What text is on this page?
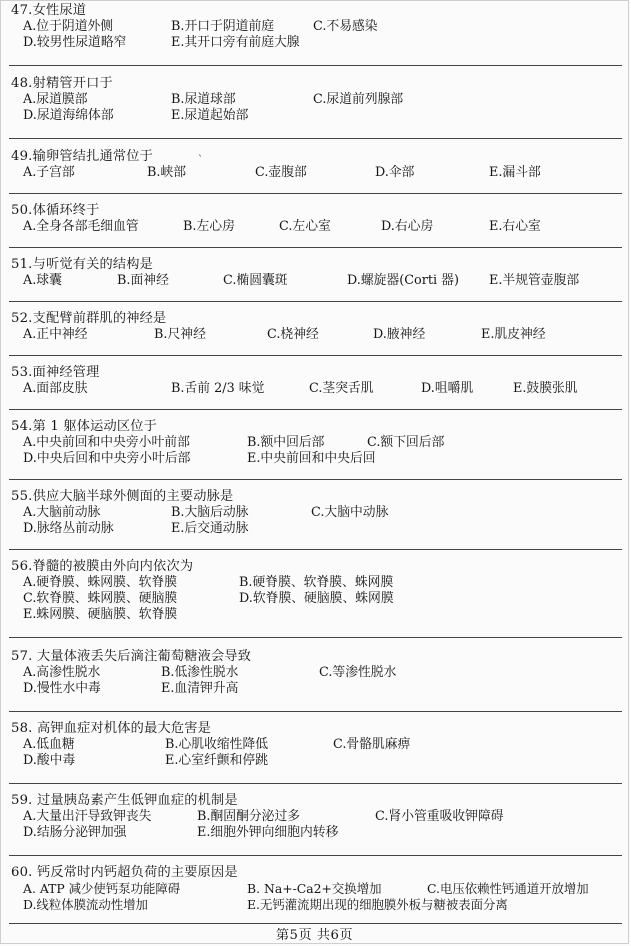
47.女性尿道
A.位于阴道外侧	B.开口于阴道前庭	C.不易感染
D.较男性尿道略窄	E.其开口旁有前庭大腺
48.射精管开口于
A.尿道膜部	B.尿道球部	C.尿道前列腺部
D.尿道海绵体部	E.尿道起始部
49.输卵管结扎通常位于
A.子宫部	B.峡部	C.壶腹部	D.伞部	E.漏斗部
`
50.体循环终于
A.全身各部毛细血管	B.左心房	C.左心室	D.右心房	E.右心室
51.与听觉有关的结构是
A.球囊	B.面神经	C.椭圆囊斑	D.螺旋器(Corti 器) E.半规管壶腹部
52.支配臂前群肌的神经是
A.正中神经	B.尺神经	C.桡神经	D.腋神经	E.肌皮神经
53.面神经管理
A.面部皮肤	B.舌前 2/3 味觉	C.茎突舌肌	D.咀嚼肌	E.鼓膜张肌
54.第 1 躯体运动区位于
A.中央前回和中央旁小叶前部	B.额中回后部	C.额下回后部
D.中央后回和中央旁小叶后部	E.中央前回和中央后回
55.供应大脑半球外侧面的主要动脉是
A.大脑前动脉	B.大脑后动脉	C.大脑中动脉
D.脉络丛前动脉	E.后交通动脉
56.脊髓的被膜由外向内依次为
A.硬脊膜、蛛网膜、软脊膜	B.硬脊膜、软脊膜、蛛网膜
C.软脊膜、蛛网膜、硬脑膜	D.软脊膜、硬脑膜、蛛网膜
E.蛛网膜、硬脑膜、软脊膜
57. 大量体液丢失后滴注葡萄糖液会导致
A.高渗性脱水	B.低渗性脱水	C.等渗性脱水
D.慢性水中毒	E.血清钾升高
58. 高钾血症对机体的最大危害是
A.低血糖	B.心肌收缩性降低	C.骨骼肌麻痹
D.酸中毒	E.心室纤颤和停跳
59. 过量胰岛素产生低钾血症的机制是
A.大量出汗导致钾丧失	B.酮固酮分泌过多	C.肾小管重吸收钾障碍
D.结肠分泌钾加强	E.细胞外钾向细胞内转移
60. 钙反常时内钙超负荷的主要原因是
A. ATP 减少使钙泵功能障碍	B. Na+-Ca2+交换增加	C.电压依赖性钙通道开放增加
D.线粒体膜流动性增加	E.无钙灌流期出现的细胞膜外板与糖被表面分离
第5页 共6页
